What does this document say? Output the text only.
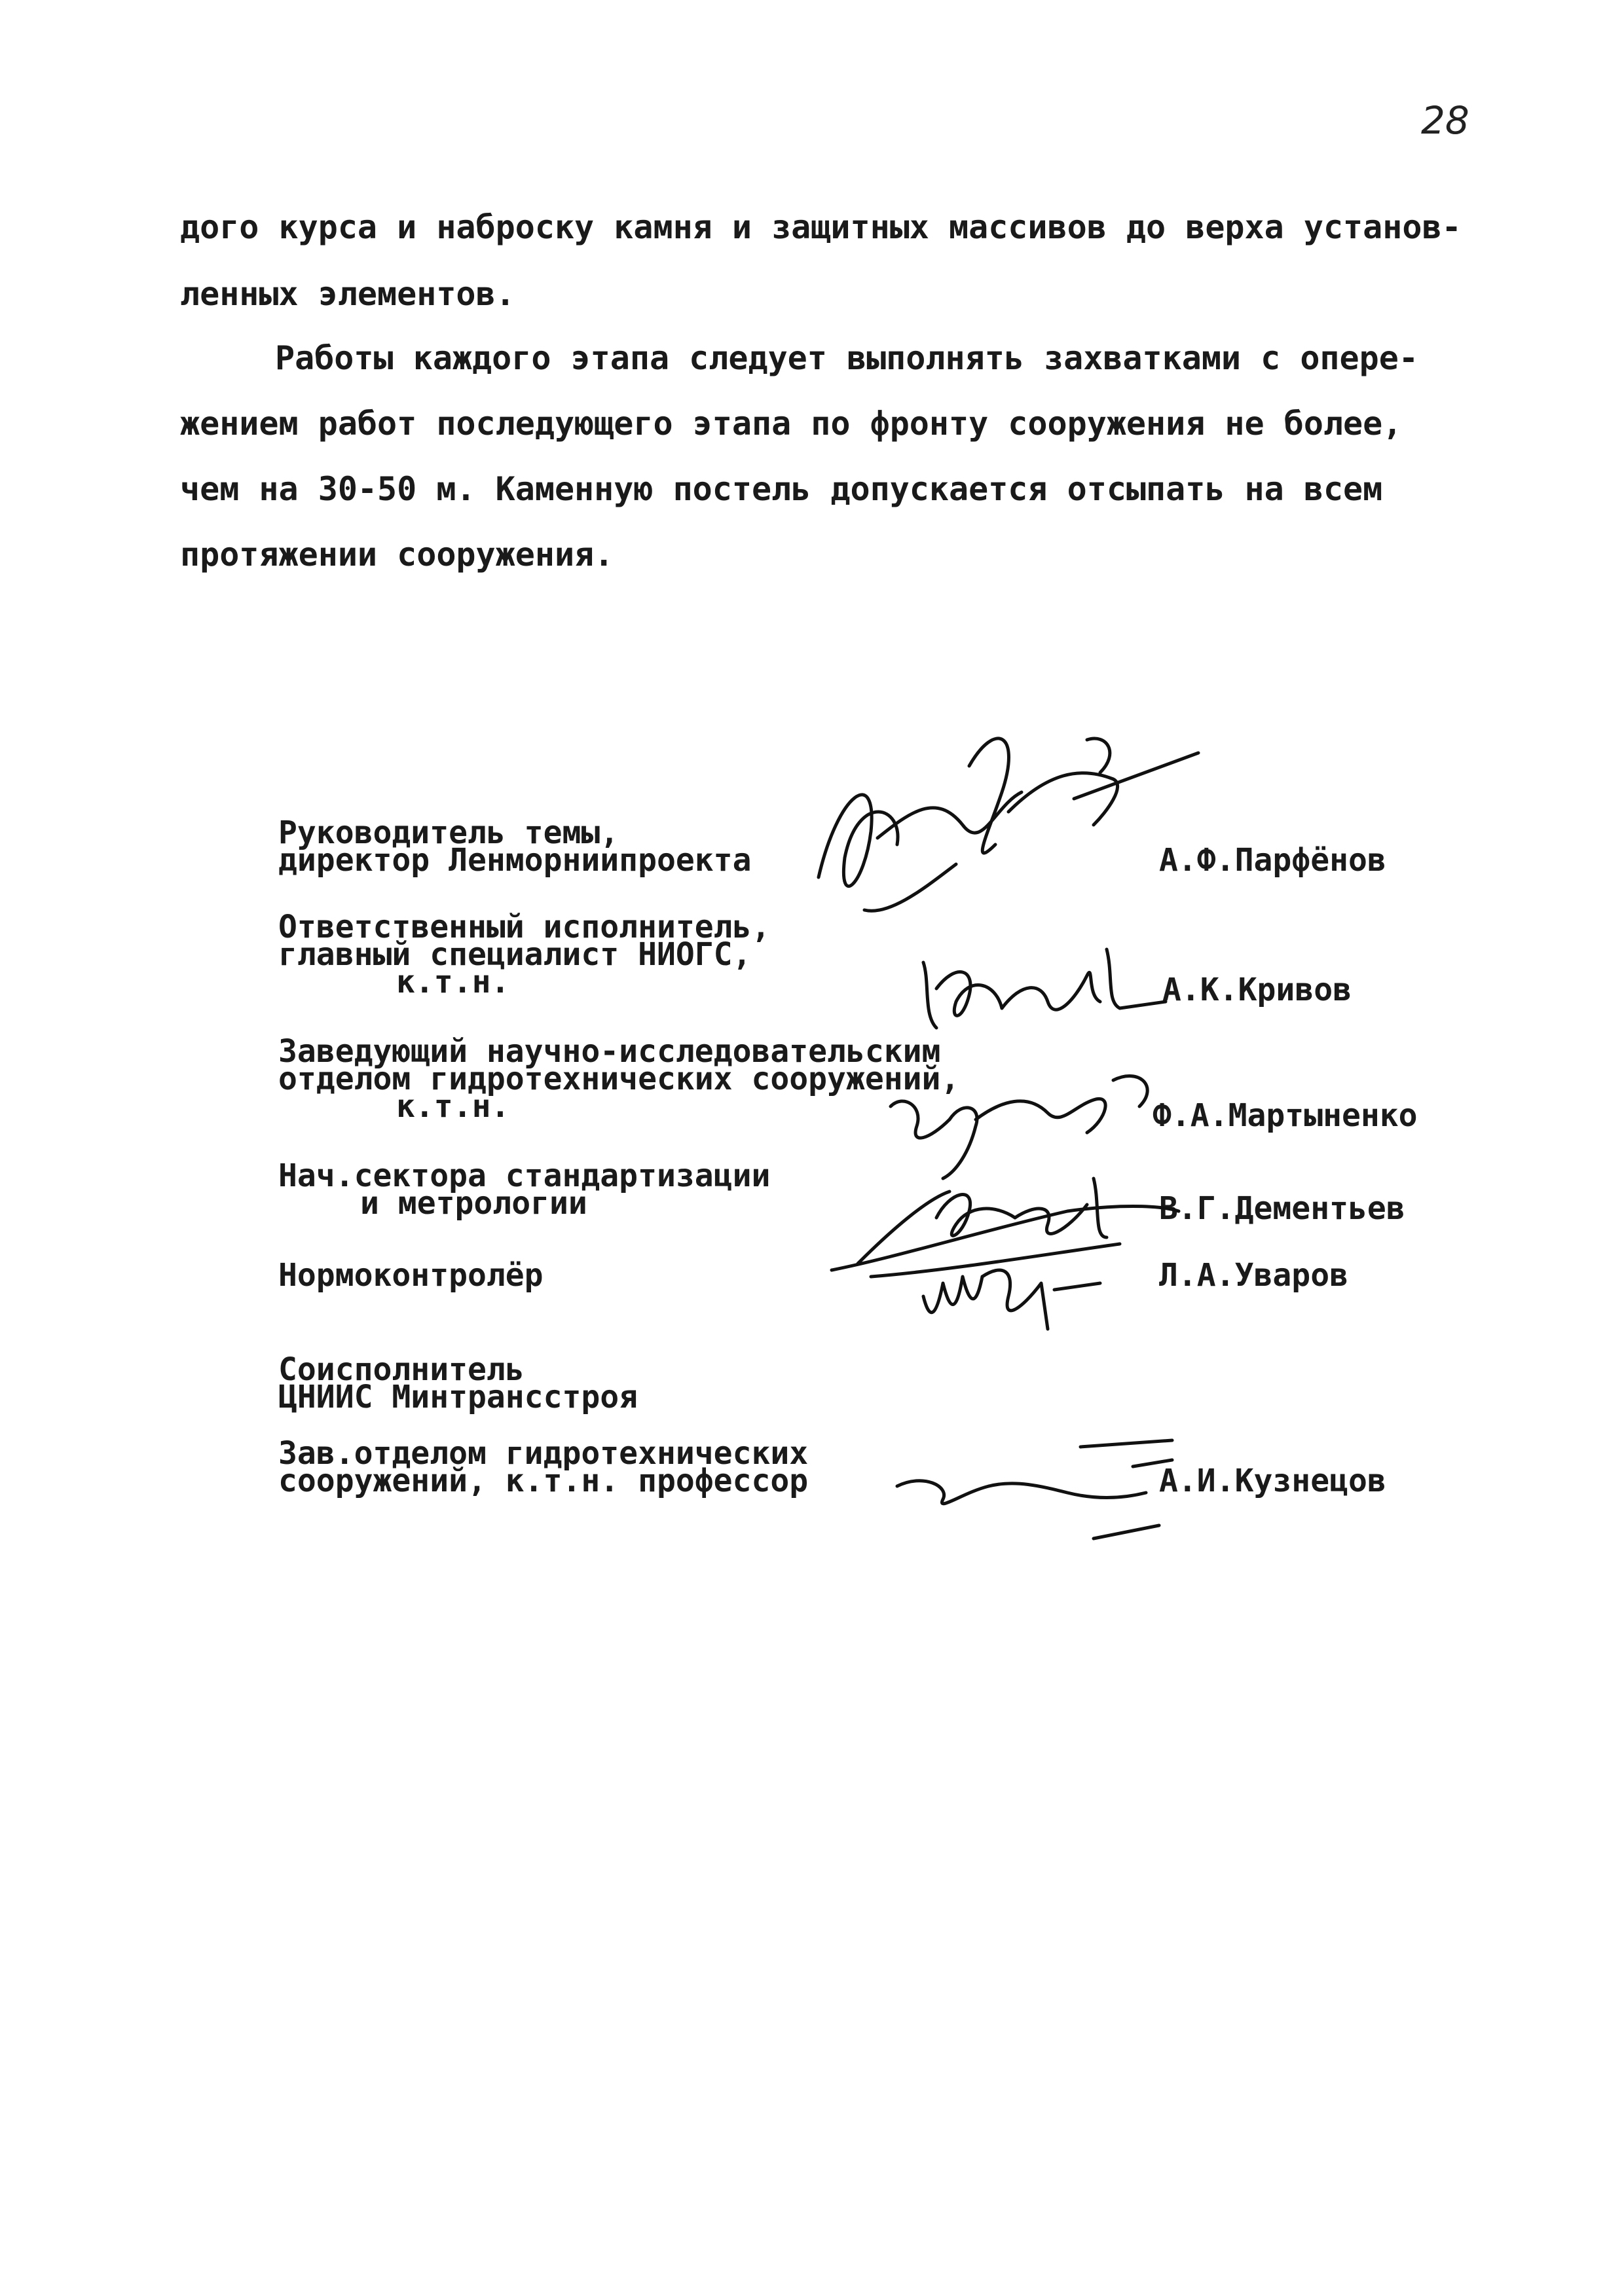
28
дого курса и наброску камня и защитных массивов до верха установ-
ленных элементов.
Работы каждого этапа следует выполнять захватками с опере-
жением работ последующего этапа по фронту сооружения не более,
чем на 30-50 м. Каменную постель допускается отсыпать на всем
протяжении сооружения.
Руководитель темы,
директор Ленморниипроекта	А.Ф.Парфёнов
Ответственный исполнитель,
главный специалист НИОГС,
к.т.н.	А.К.Кривов
Заведующий научно-исследовательским
отделом гидротехнических сооружений,
к.т.н.	Ф.А.Мартыненко
Нач.сектора стандартизации
и метрологии	В.Г.Дементьев
Нормоконтролёр	Л.А.Уваров
Соисполнитель
ЦНИИС Минтрансстроя
Зав.отделом гидротехнических
сооружений, к.т.н. профессор	А.И.Кузнецов
